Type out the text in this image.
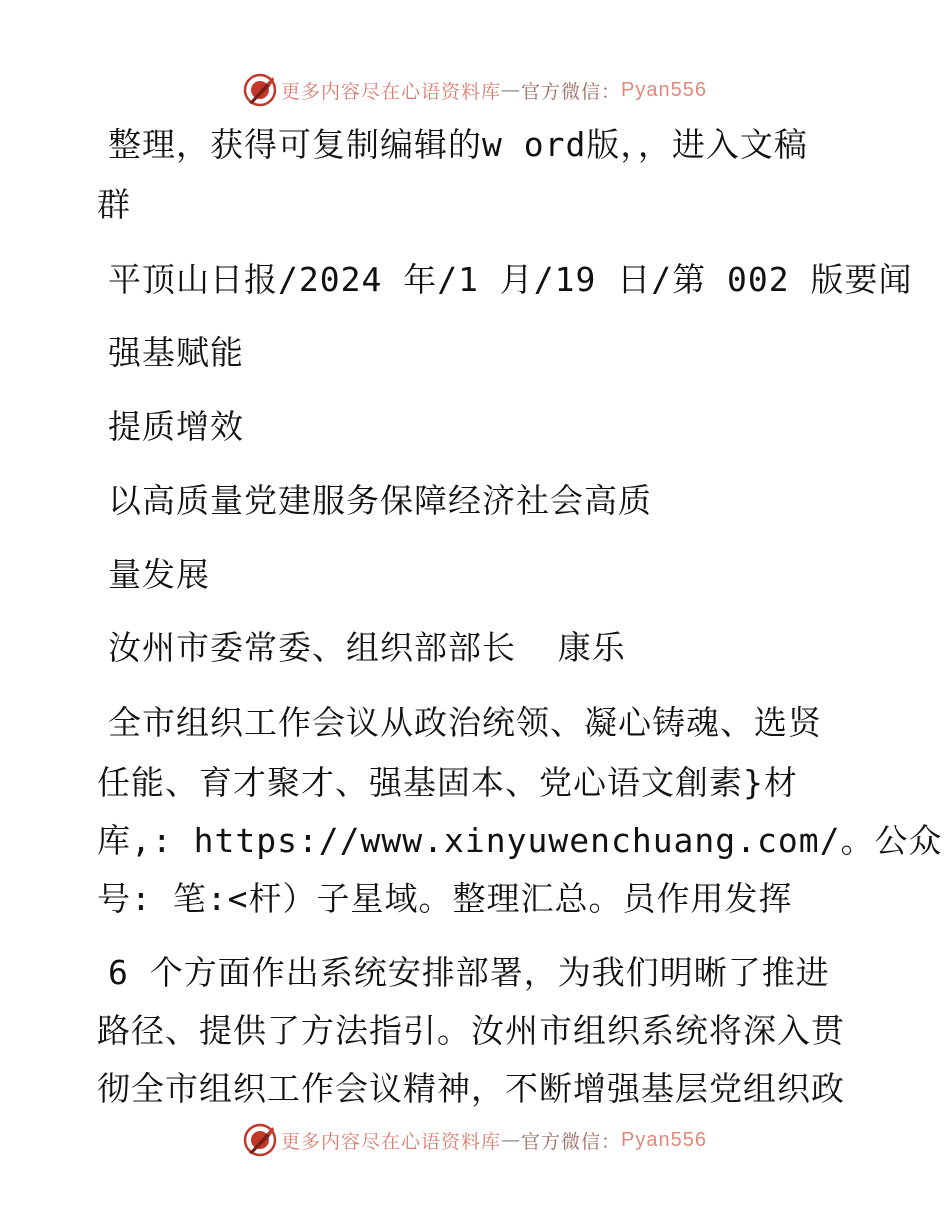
更多内容尽在心语资料库 — 官方微信： Pyan556
整理，获得可复制编辑的w ord版，，进入文稿
群
平顶山日报/2024 年/1 月/19 日/第 002 版要闻
强基赋能
提质增效
以高质量党建服务保障经济社会高质
量发展
汝州市委常委、组织部部长  康乐
全市组织工作会议从政治统领、凝心铸魂、选贤
任能、育才聚才、强基固本、党心语文創素}材
库,: https://www.xinyuwenchuang.com/。公众
号: 笔:<杆）子星域。整理汇总。员作用发挥
6 个方面作出系统安排部署，为我们明晰了推进
路径、提供了方法指引。汝州市组织系统将深入贯
彻全市组织工作会议精神，不断增强基层党组织政
更多内容尽在心语资料库 — 官方微信： Pyan556
